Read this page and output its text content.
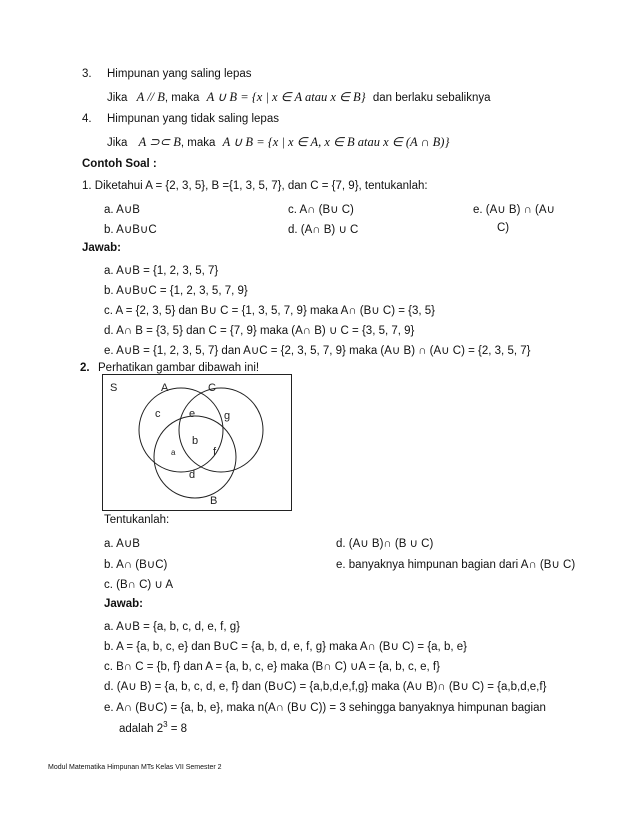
3. Himpunan yang saling lepas
Jika A // B, maka A ∪ B = {x | x ∈ A atau x ∈ B} dan berlaku sebaliknya
4. Himpunan yang tidak saling lepas
Jika A ⊃⊂ B, maka A ∪ B = {x | x ∈ A, x ∈ B atau x ∈ (A ∩ B)}
Contoh Soal :
1. Diketahui A = {2, 3, 5}, B ={1, 3, 5, 7}, dan C = {7, 9}, tentukanlah:
a. A∪B
b. A∪B∪C
c. A∩ (B∪ C)
d. (A∩ B) ∪ C
e. (A∪ B) ∩ (A∪
C)
Jawab:
a. A∪B = {1, 2, 3, 5, 7}
b. A∪B∪C = {1, 2, 3, 5, 7, 9}
c. A = {2, 3, 5} dan B∪ C = {1, 3, 5, 7, 9} maka A∩ (B∪ C) = {3, 5}
d. A∩ B = {3, 5} dan C = {7, 9} maka (A∩ B) ∪ C = {3, 5, 7, 9}
e. A∪B = {1, 2, 3, 5, 7} dan A∪C = {2, 3, 5, 7, 9} maka (A∪ B) ∩ (A∪ C) = {2, 3, 5, 7}
2. Perhatikan gambar dibawah ini!
S	A	C
c	e	g
b
a	f
d
B
Tentukanlah:
a. A∪B
b. A∩ (B∪C)
c. (B∩ C) ∪ A
d. (A∪ B)∩ (B ∪ C)
e. banyaknya himpunan bagian dari A∩ (B∪ C)
Jawab:
a. A∪B = {a, b, c, d, e, f, g}
b. A = {a, b, c, e} dan B∪C = {a, b, d, e, f, g} maka A∩ (B∪ C) = {a, b, e}
c. B∩ C = {b, f} dan A = {a, b, c, e} maka (B∩ C) ∪A = {a, b, c, e, f}
d. (A∪ B) = {a, b, c, d, e, f} dan (B∪C) = {a,b,d,e,f,g} maka (A∪ B)∩ (B∪ C) = {a,b,d,e,f}
e. A∩ (B∪C) = {a, b, e}, maka n(A∩ (B∪ C)) = 3 sehingga banyaknya himpunan bagian
adalah $2^3 = 8$
Modul Matematika Himpunan MTs Kelas VII Semester 2
